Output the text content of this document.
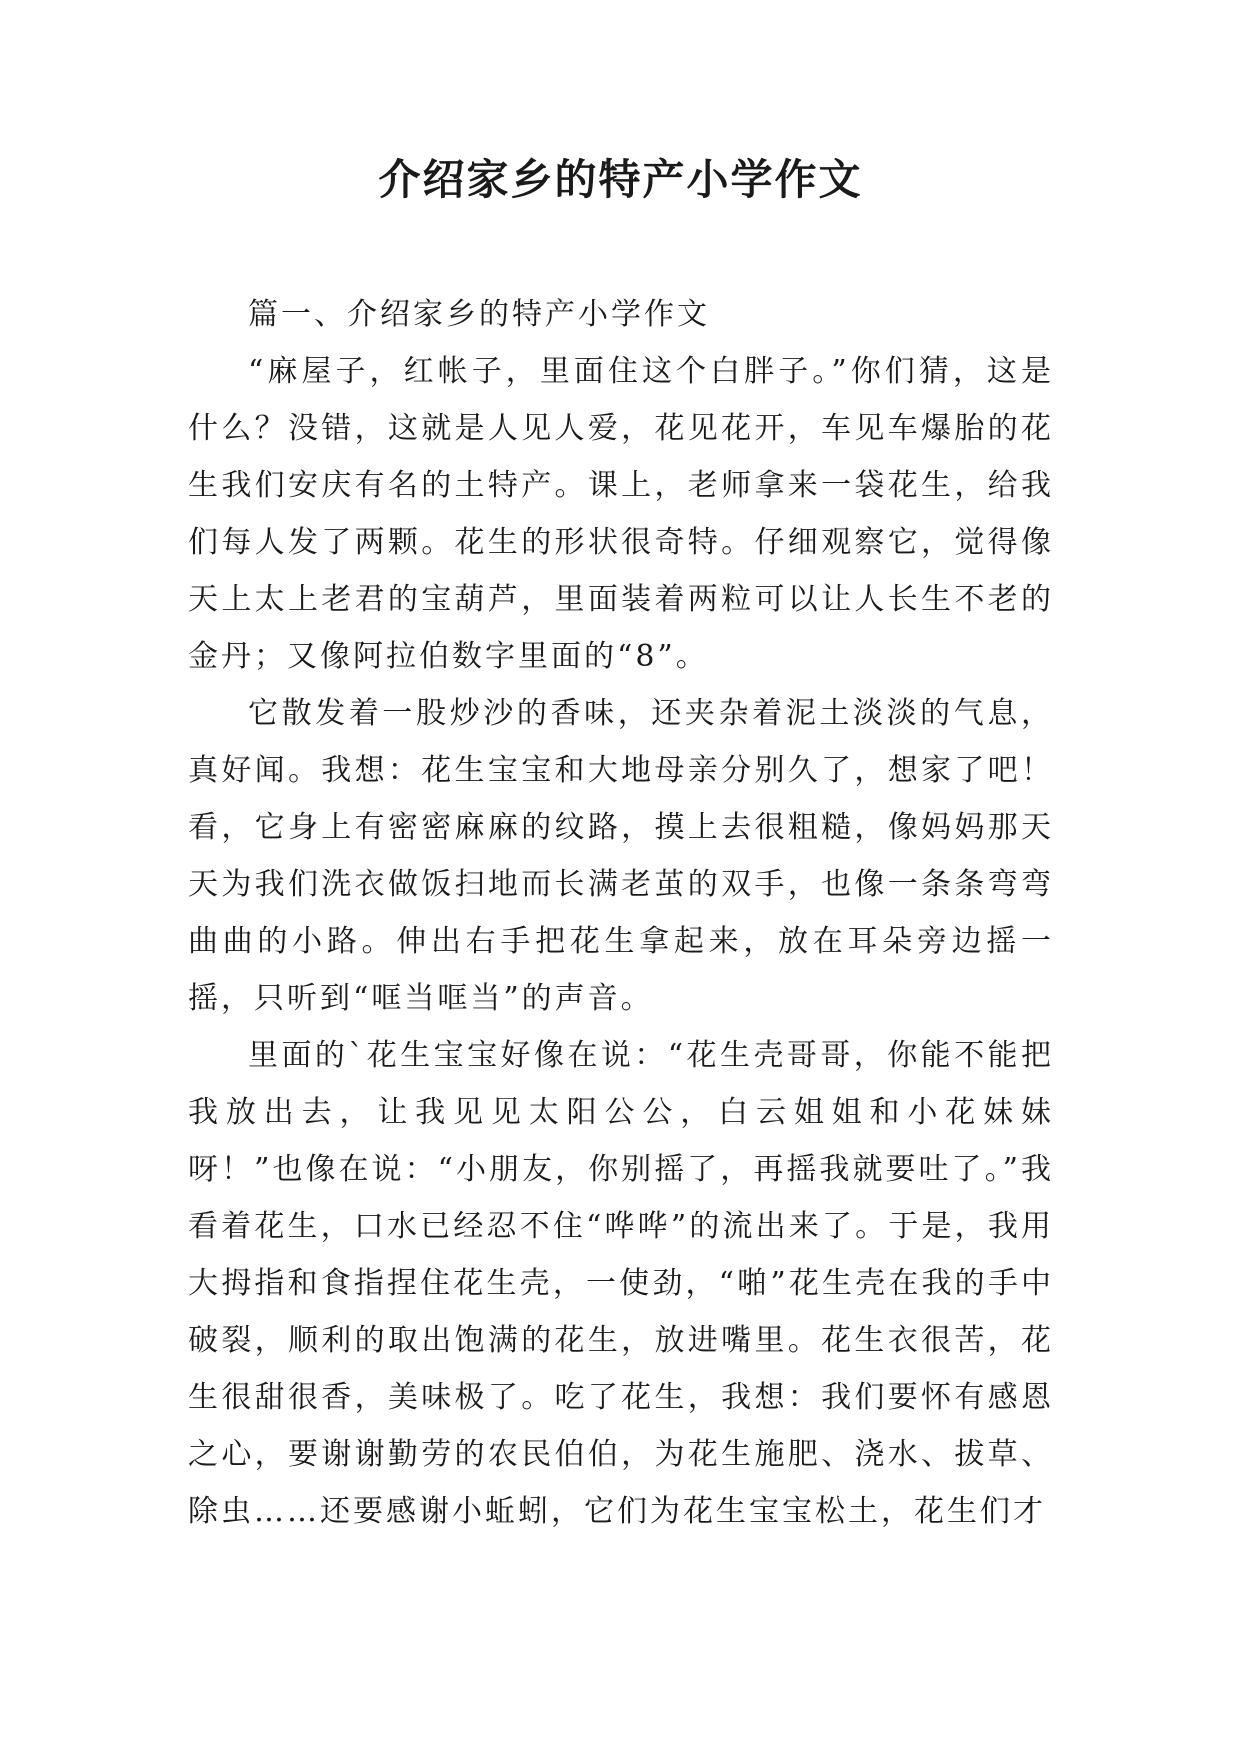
介绍家乡的特产小学作文

篇一、介绍家乡的特产小学作文

“麻屋子，红帐子，里面住这个白胖子。”你们猜，这是什么？没错，这就是人见人爱，花见花开，车见车爆胎的花生我们安庆有名的土特产。课上，老师拿来一袋花生，给我们每人发了两颗。花生的形状很奇特。仔细观察它，觉得像天上太上老君的宝葫芦，里面装着两粒可以让人长生不老的金丹；又像阿拉伯数字里面的“8”。

它散发着一股炒沙的香味，还夹杂着泥土淡淡的气息，真好闻。我想：花生宝宝和大地母亲分别久了，想家了吧！看，它身上有密密麻麻的纹路，摸上去很粗糙，像妈妈那天天为我们洗衣做饭扫地而长满老茧的双手，也像一条条弯弯曲曲的小路。伸出右手把花生拿起来，放在耳朵旁边摇一摇，只听到“哐当哐当”的声音。

里面的`花生宝宝好像在说：“花生壳哥哥，你能不能把我放出去，让我见见太阳公公，白云姐姐和小花妹妹呀！”也像在说：“小朋友，你别摇了，再摇我就要吐了。”我看着花生，口水已经忍不住“哗哗”的流出来了。于是，我用大拇指和食指捏住花生壳，一使劲，“啪”花生壳在我的手中破裂，顺利的取出饱满的花生，放进嘴里。花生衣很苦，花生很甜很香，美味极了。吃了花生，我想：我们要怀有感恩之心，要谢谢勤劳的农民伯伯，为花生施肥、浇水、拔草、除虫……还要感谢小蚯蚓，它们为花生宝宝松土，花生们才
